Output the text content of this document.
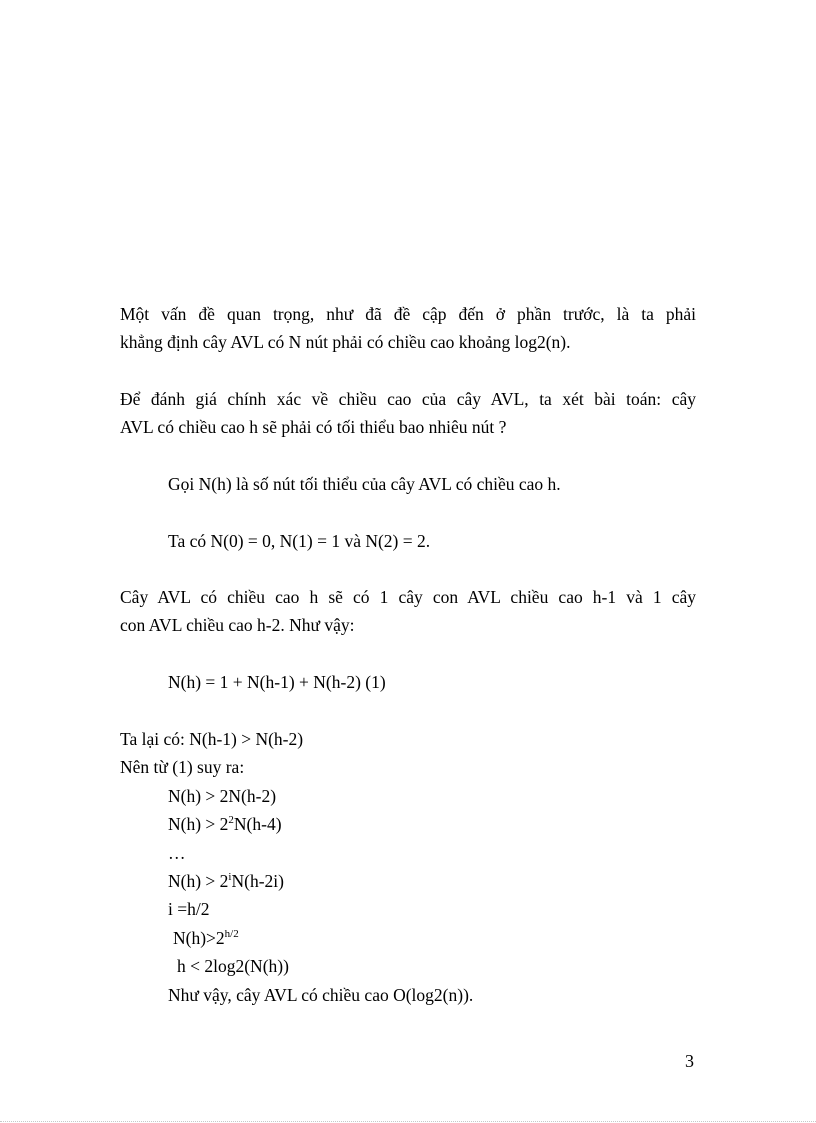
Một vấn đề quan trọng, như đã đề cập đến ở phần trước, là ta phải
khẳng định cây AVL có N nút phải có chiều cao khoảng log2(n).
Để đánh giá chính xác về chiều cao của cây AVL, ta xét bài toán: cây
AVL có chiều cao h sẽ phải có tối thiểu bao nhiêu nút ?
Gọi N(h) là số nút tối thiểu của cây AVL có chiều cao h.
Ta có N(0) = 0, N(1) = 1 và N(2) = 2.
Cây AVL có chiều cao h sẽ có 1 cây con AVL chiều cao h-1 và 1 cây
con AVL chiều cao h-2. Như vậy:
N(h) = 1 + N(h-1) + N(h-2) (1)
Ta lại có: N(h-1) > N(h-2)
Nên từ (1) suy ra:
N(h) > 2N(h-2)
$N(h) > 2^2N(h-4)$
…
$N(h) > 2^iN(h-2i)$
i =h/2
$N(h)>2^{h/2}$
h < 2log2(N(h))
Như vậy, cây AVL có chiều cao O(log2(n)).
3
